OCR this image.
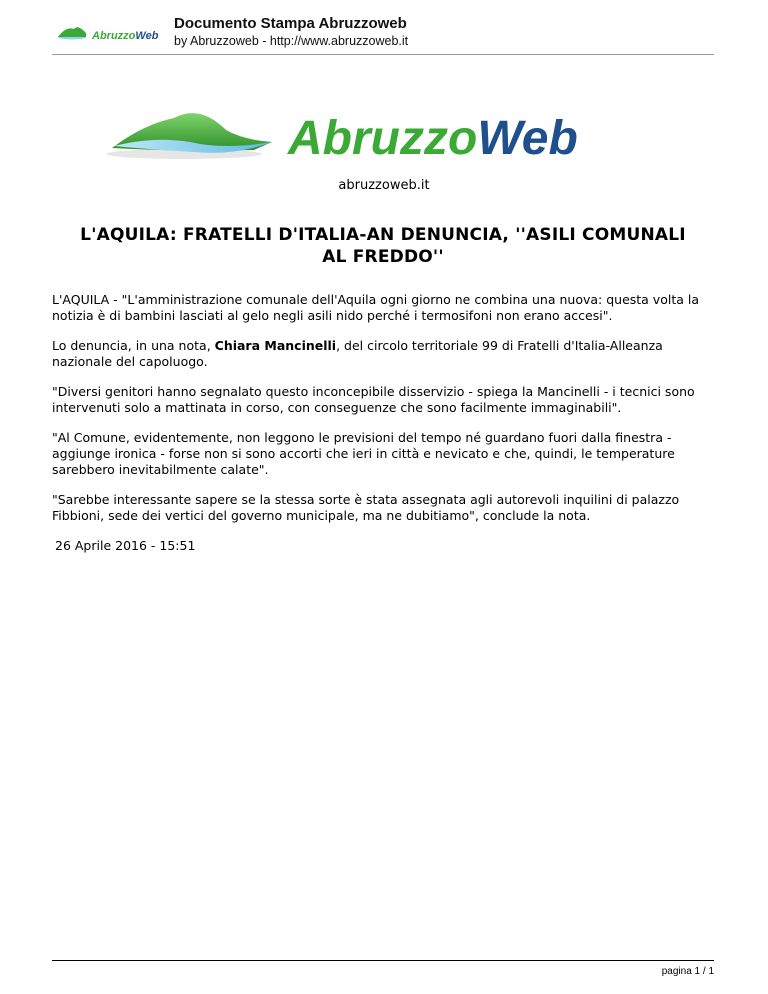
AbruzzoWeb
Documento Stampa Abruzzoweb
by Abruzzoweb - http://www.abruzzoweb.it
AbruzzoWeb
abruzzoweb.it
L'AQUILA: FRATELLI D'ITALIA-AN DENUNCIA, ''ASILI COMUNALI
AL FREDDO''

L'AQUILA - "L'amministrazione comunale dell'Aquila ogni giorno ne combina una nuova: questa volta la notizia è di bambini lasciati al gelo negli asili nido perché i termosifoni non erano accesi".

Lo denuncia, in una nota, Chiara Mancinelli, del circolo territoriale 99 di Fratelli d'Italia-Alleanza nazionale del capoluogo.

"Diversi genitori hanno segnalato questo inconcepibile disservizio - spiega la Mancinelli - i tecnici sono intervenuti solo a mattinata in corso, con conseguenze che sono facilmente immaginabili".

"Al Comune, evidentemente, non leggono le previsioni del tempo né guardano fuori dalla finestra - aggiunge ironica - forse non si sono accorti che ieri in città e nevicato e che, quindi, le temperature sarebbero inevitabilmente calate".

"Sarebbe interessante sapere se la stessa sorte è stata assegnata agli autorevoli inquilini di palazzo Fibbioni, sede dei vertici del governo municipale, ma ne dubitiamo", conclude la nota.

26 Aprile 2016 - 15:51

pagina 1 / 1
